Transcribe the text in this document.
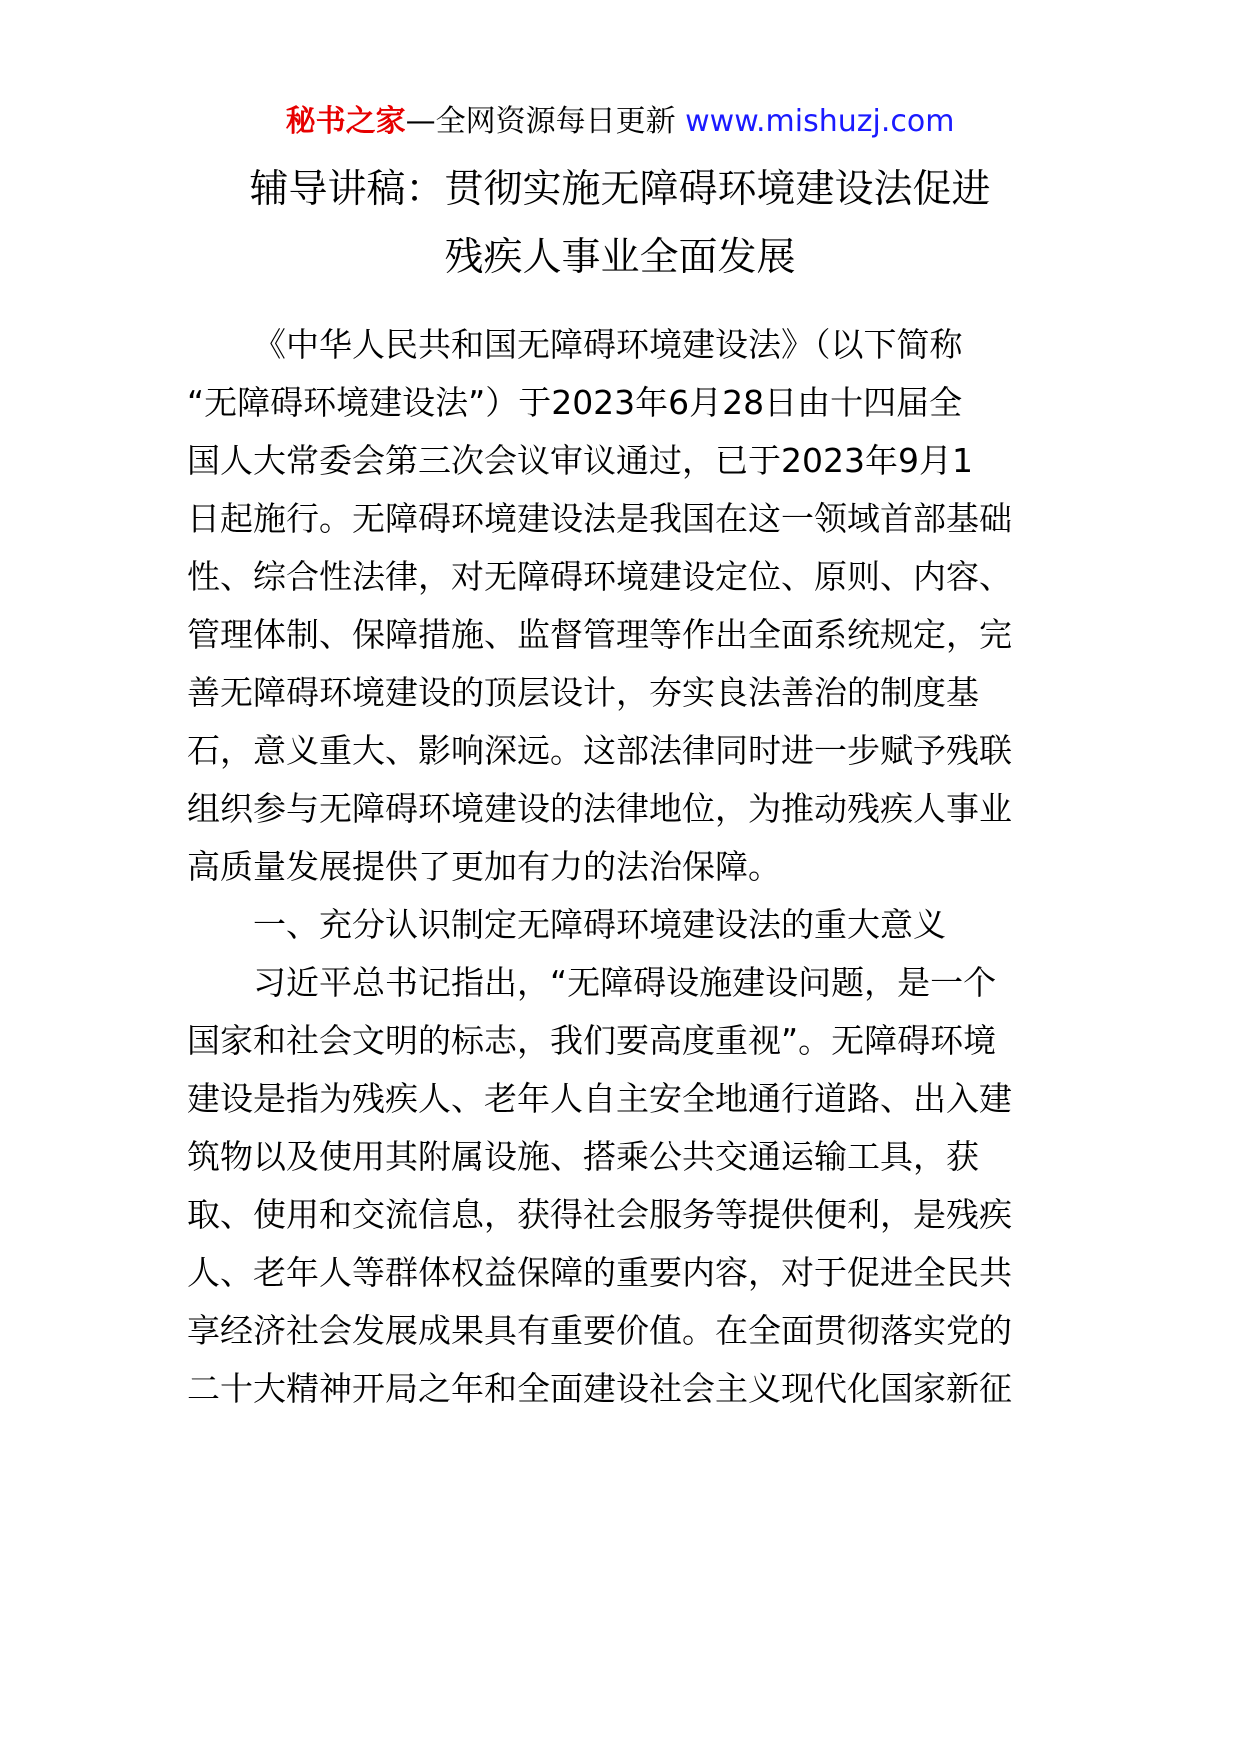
秘书之家—全网资源每日更新 www.mishuzj.com
辅导讲稿：贯彻实施无障碍环境建设法促进
残疾人事业全面发展
《中华人民共和国无障碍环境建设法》（以下简称
“无障碍环境建设法”）于2023年6月28日由十四届全
国人大常委会第三次会议审议通过，已于2023年9月1
日起施行。无障碍环境建设法是我国在这一领域首部基础
性、综合性法律，对无障碍环境建设定位、原则、内容、
管理体制、保障措施、监督管理等作出全面系统规定，完
善无障碍环境建设的顶层设计，夯实良法善治的制度基
石，意义重大、影响深远。这部法律同时进一步赋予残联
组织参与无障碍环境建设的法律地位，为推动残疾人事业
高质量发展提供了更加有力的法治保障。
一、充分认识制定无障碍环境建设法的重大意义
习近平总书记指出，“无障碍设施建设问题，是一个
国家和社会文明的标志，我们要高度重视”。无障碍环境
建设是指为残疾人、老年人自主安全地通行道路、出入建
筑物以及使用其附属设施、搭乘公共交通运输工具，获
取、使用和交流信息，获得社会服务等提供便利，是残疾
人、老年人等群体权益保障的重要内容，对于促进全民共
享经济社会发展成果具有重要价值。在全面贯彻落实党的
二十大精神开局之年和全面建设社会主义现代化国家新征
